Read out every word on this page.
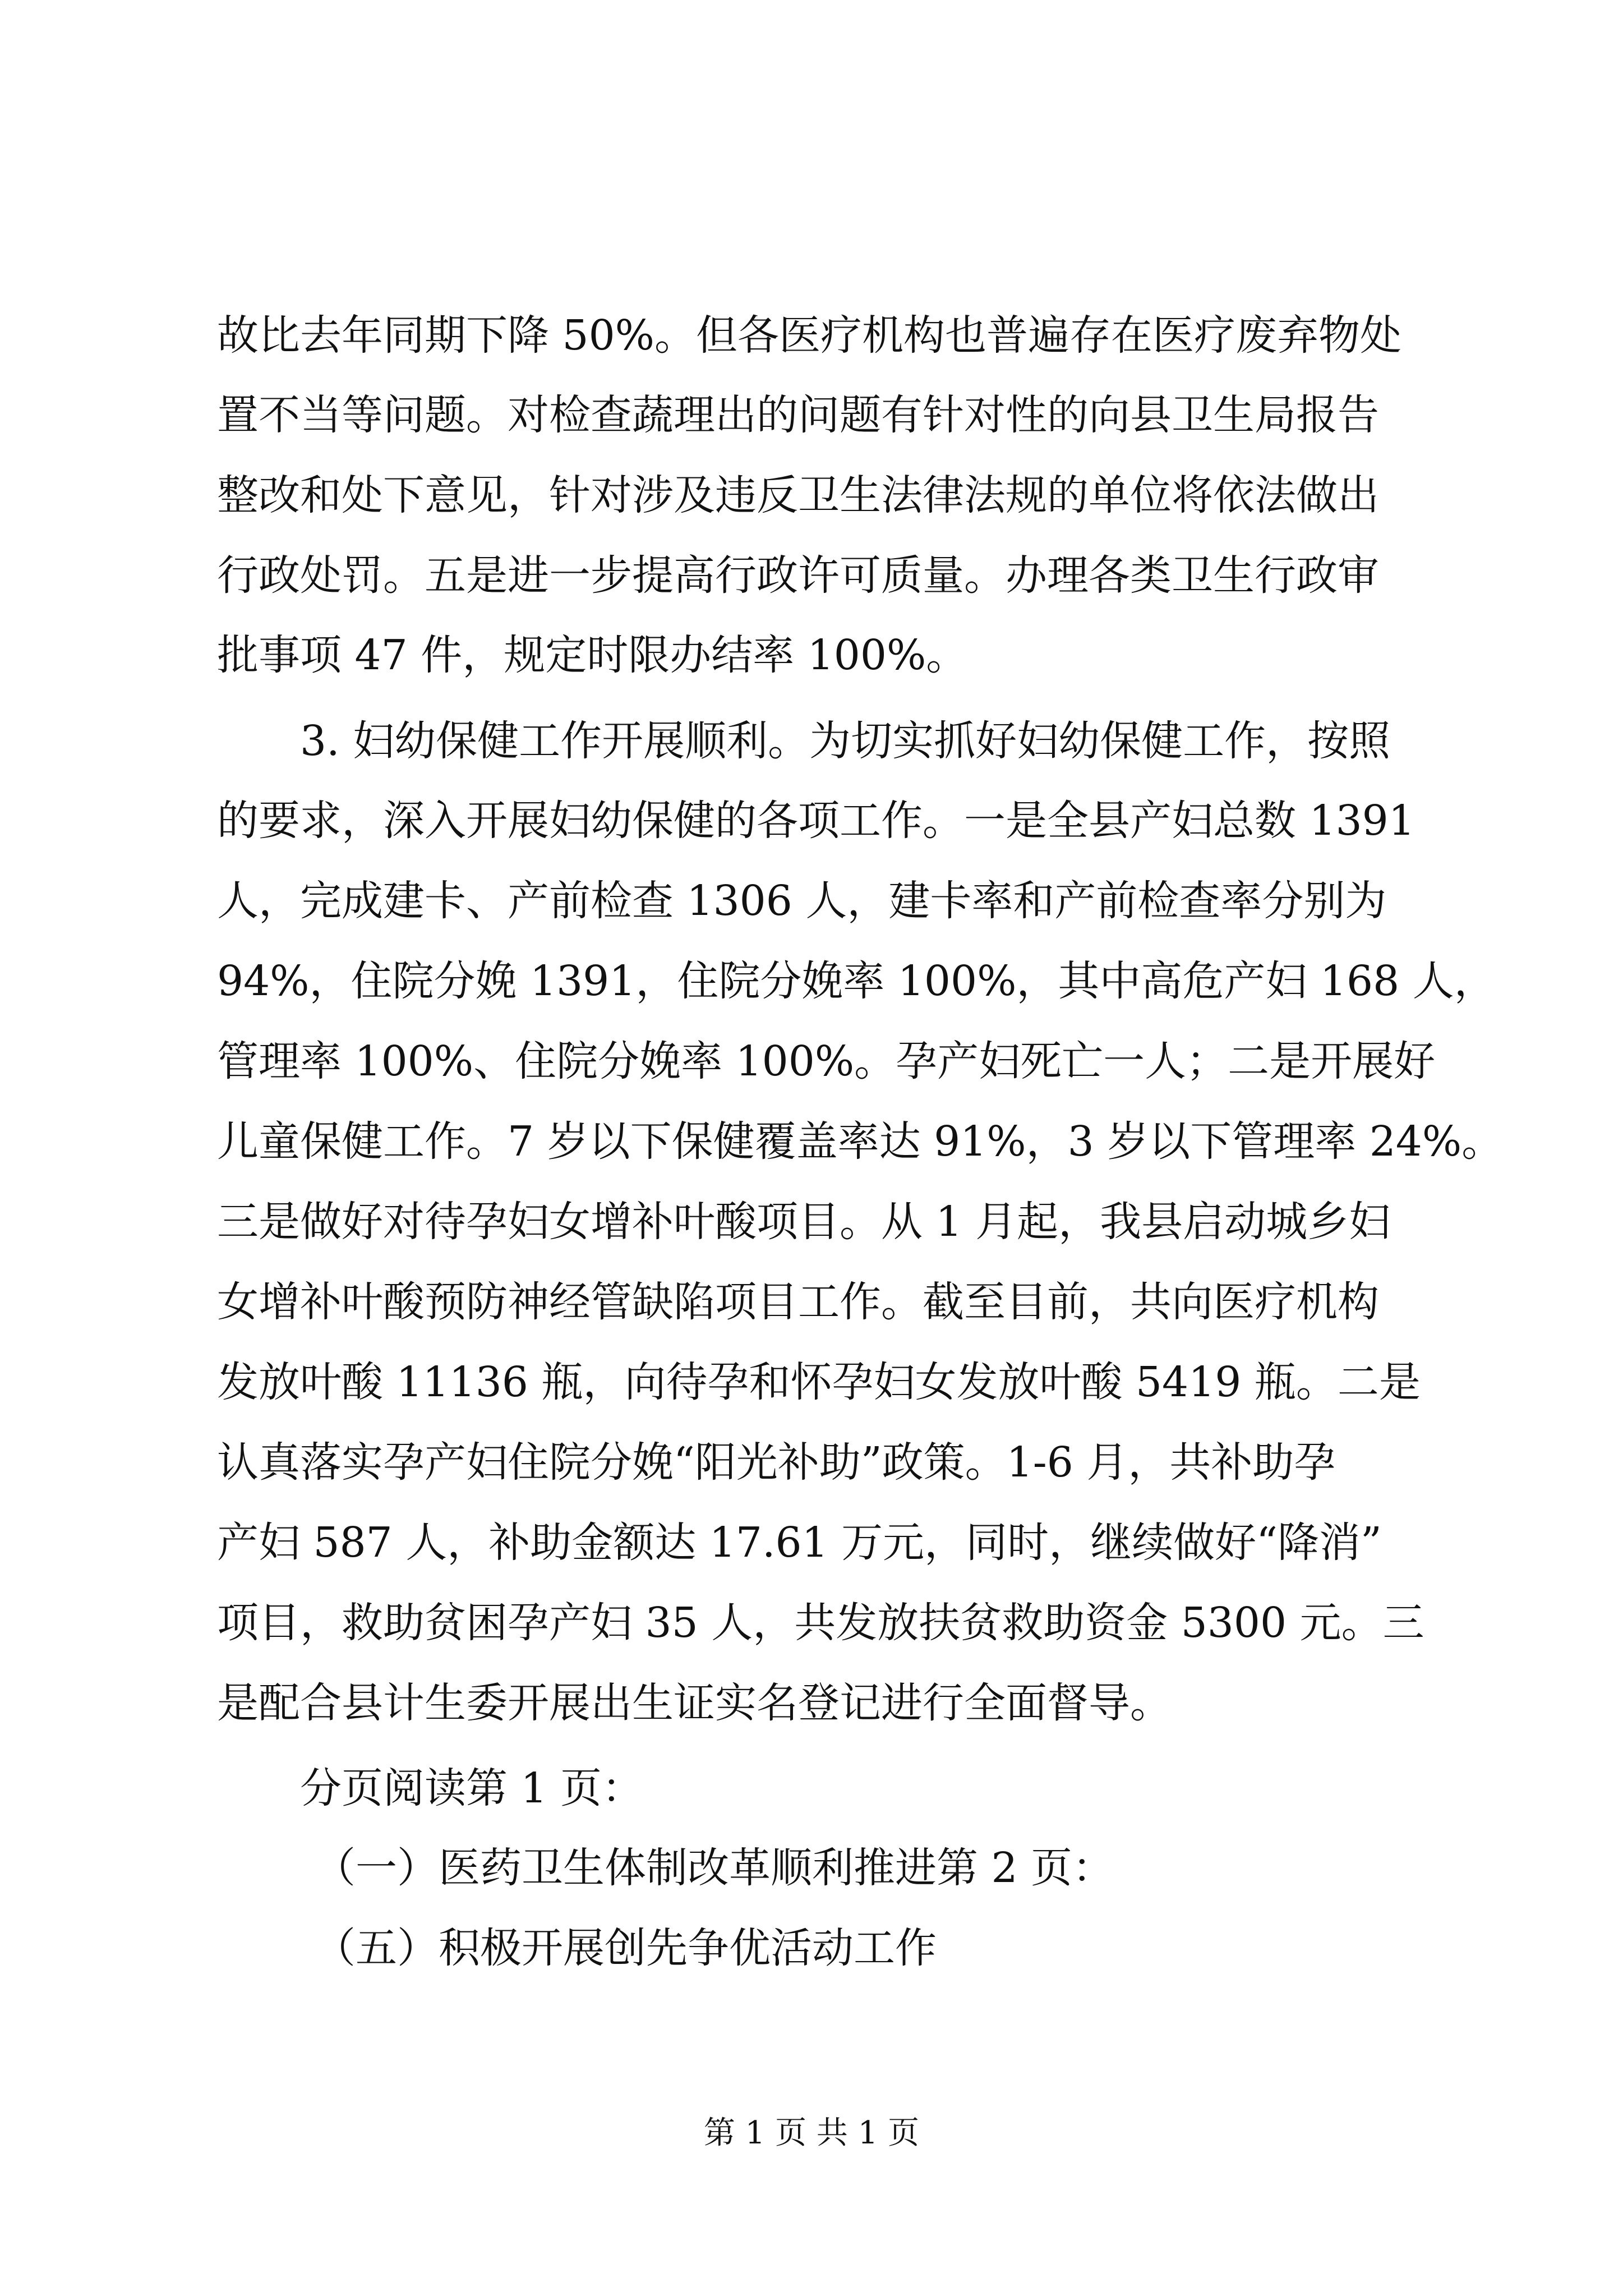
故比去年同期下降 50%。但各医疗机构也普遍存在医疗废弃物处
置不当等问题。对检查蔬理出的问题有针对性的向县卫生局报告
整改和处下意见，针对涉及违反卫生法律法规的单位将依法做出
行政处罚。五是进一步提高行政许可质量。办理各类卫生行政审
批事项 47 件，规定时限办结率 100%。
3. 妇幼保健工作开展顺利。为切实抓好妇幼保健工作，按照
的要求，深入开展妇幼保健的各项工作。一是全县产妇总数 1391
人，完成建卡、产前检查 1306 人，建卡率和产前检查率分别为
94%，住院分娩 1391，住院分娩率 100%，其中高危产妇 168 人，
管理率 100%、住院分娩率 100%。孕产妇死亡一人；二是开展好
儿童保健工作。7 岁以下保健覆盖率达 91%，3 岁以下管理率 24%。
三是做好对待孕妇女增补叶酸项目。从 1 月起，我县启动城乡妇
女增补叶酸预防神经管缺陷项目工作。截至目前，共向医疗机构
发放叶酸 11136 瓶，向待孕和怀孕妇女发放叶酸 5419 瓶。二是
认真落实孕产妇住院分娩“阳光补助”政策。1-6 月，共补助孕
产妇 587 人，补助金额达 17.61 万元，同时，继续做好“降消”
项目，救助贫困孕产妇 35 人，共发放扶贫救助资金 5300 元。三
是配合县计生委开展出生证实名登记进行全面督导。
分页阅读第 1 页：
（一）医药卫生体制改革顺利推进第 2 页：
（五）积极开展创先争优活动工作
第 1 页 共 1 页
